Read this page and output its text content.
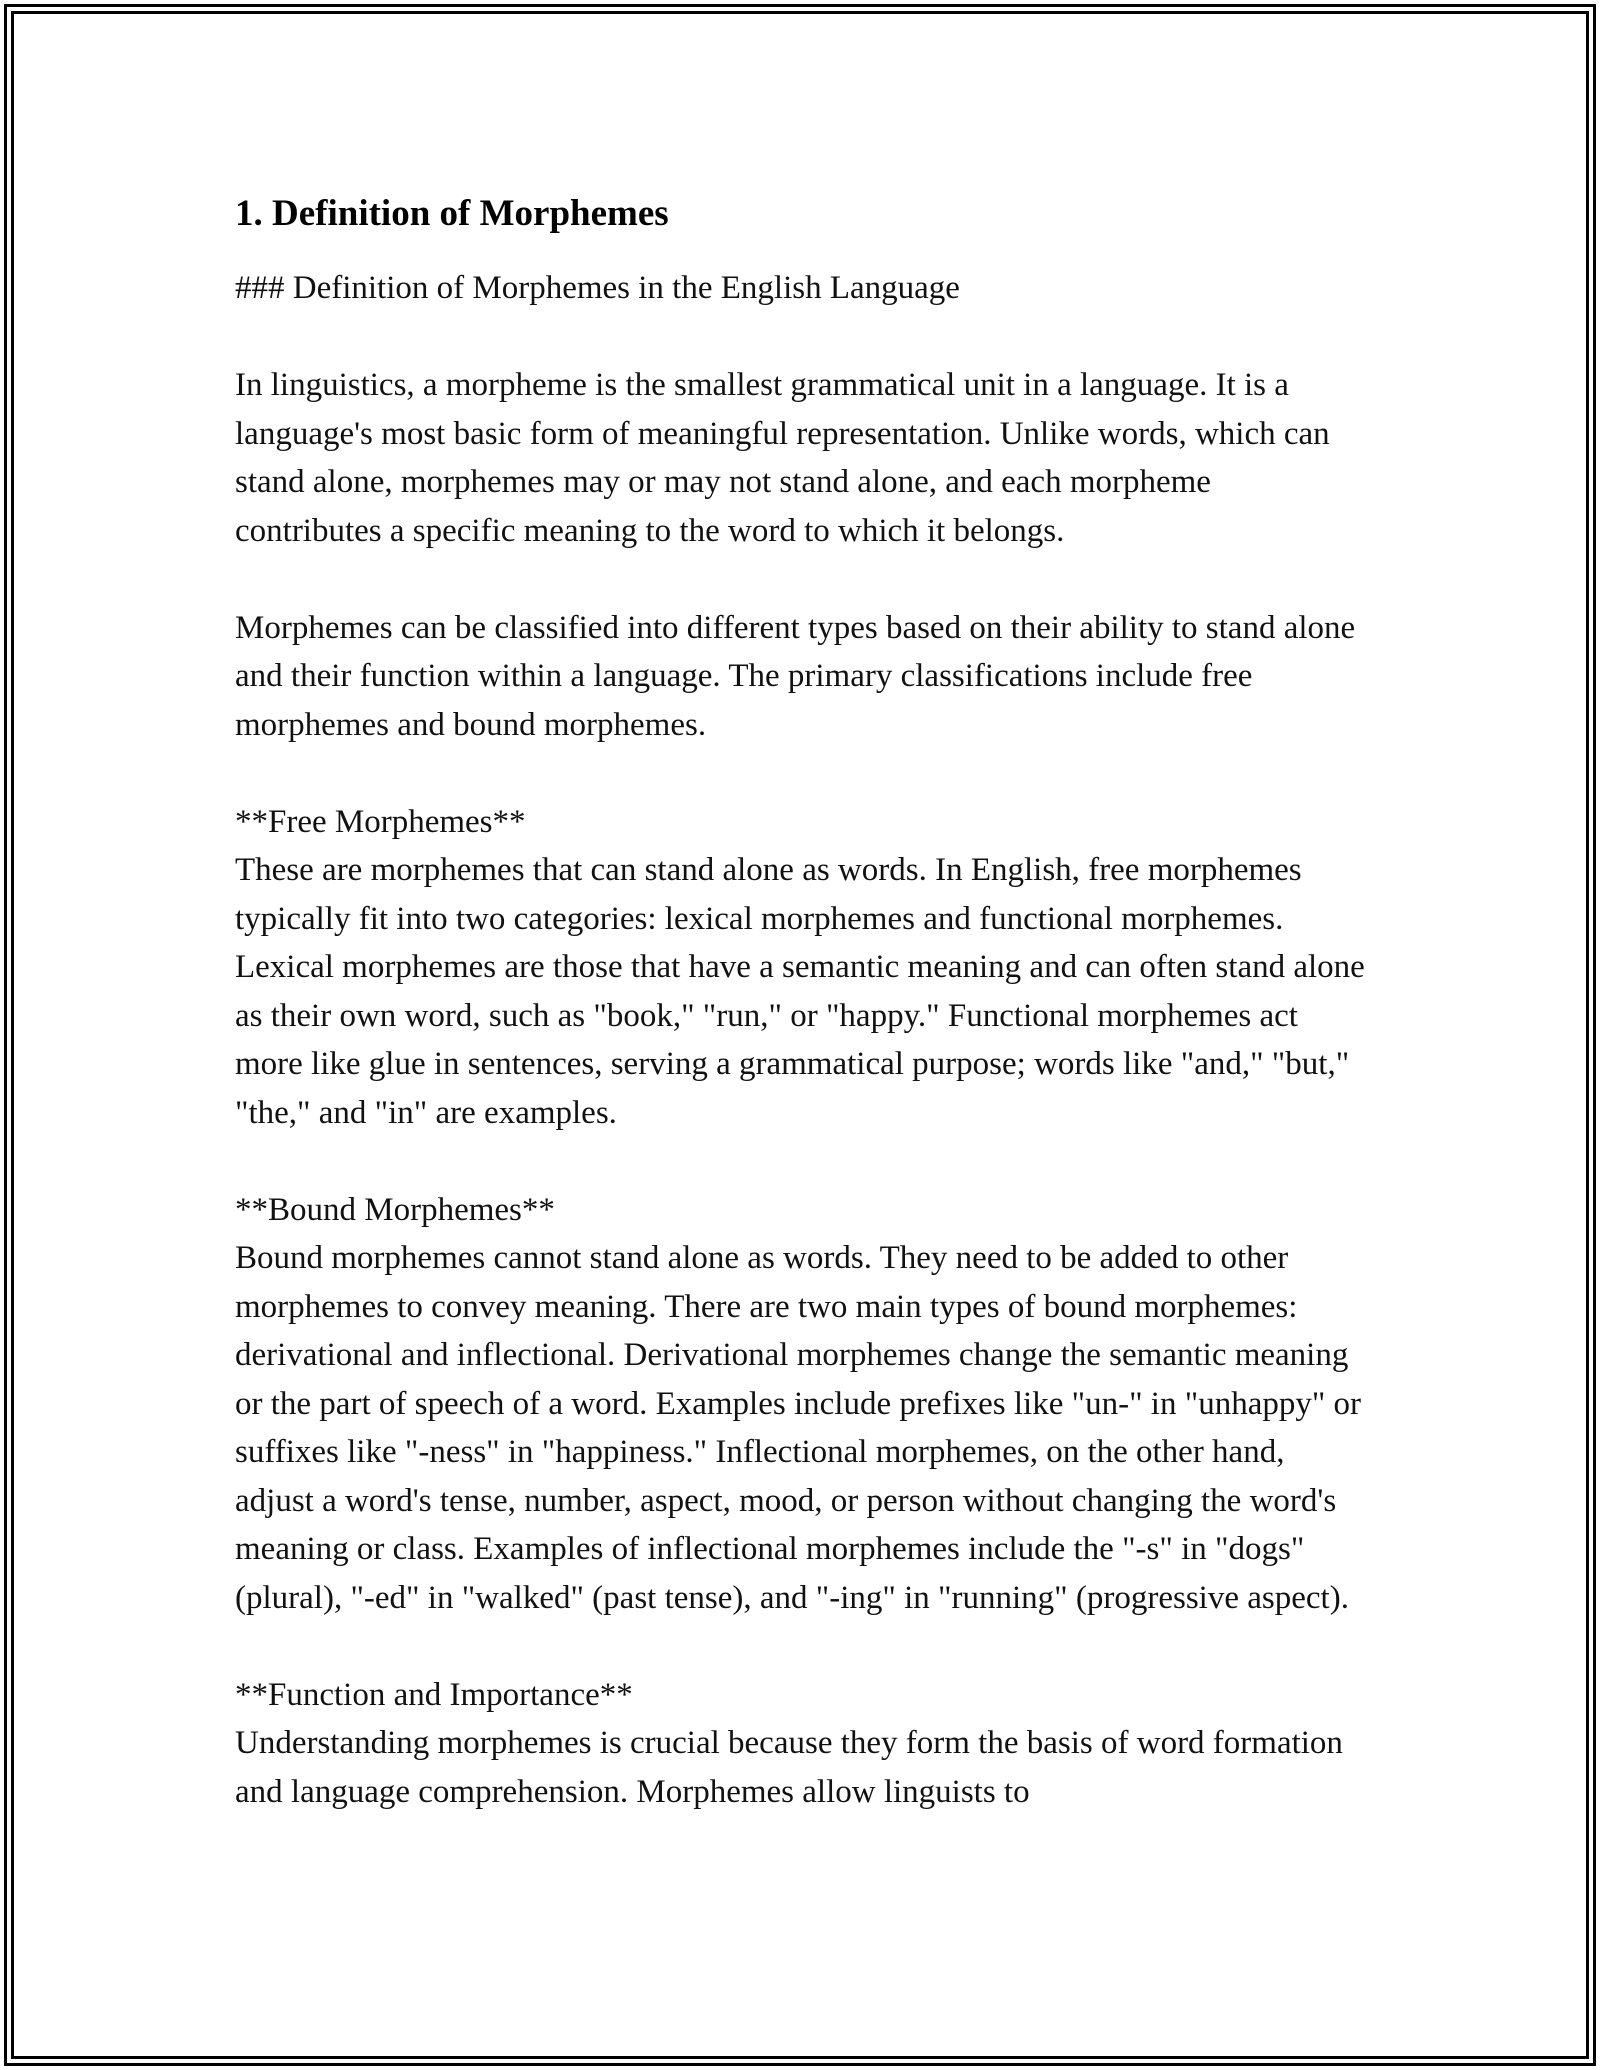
1. Definition of Morphemes
### Definition of Morphemes in the English Language

In linguistics, a morpheme is the smallest grammatical unit in a language. It is a language's most basic form of meaningful representation. Unlike words, which can stand alone, morphemes may or may not stand alone, and each morpheme contributes a specific meaning to the word to which it belongs.

Morphemes can be classified into different types based on their ability to stand alone and their function within a language. The primary classifications include free morphemes and bound morphemes.

**Free Morphemes**
These are morphemes that can stand alone as words. In English, free morphemes typically fit into two categories: lexical morphemes and functional morphemes. Lexical morphemes are those that have a semantic meaning and can often stand alone as their own word, such as "book," "run," or "happy." Functional morphemes act more like glue in sentences, serving a grammatical purpose; words like "and," "but," "the," and "in" are examples.

**Bound Morphemes**
Bound morphemes cannot stand alone as words. They need to be added to other morphemes to convey meaning. There are two main types of bound morphemes: derivational and inflectional. Derivational morphemes change the semantic meaning or the part of speech of a word. Examples include prefixes like "un-" in "unhappy" or suffixes like "-ness" in "happiness." Inflectional morphemes, on the other hand, adjust a word's tense, number, aspect, mood, or person without changing the word's meaning or class. Examples of inflectional morphemes include the "-s" in "dogs" (plural), "-ed" in "walked" (past tense), and "-ing" in "running" (progressive aspect).

**Function and Importance**
Understanding morphemes is crucial because they form the basis of word formation and language comprehension. Morphemes allow linguists to
